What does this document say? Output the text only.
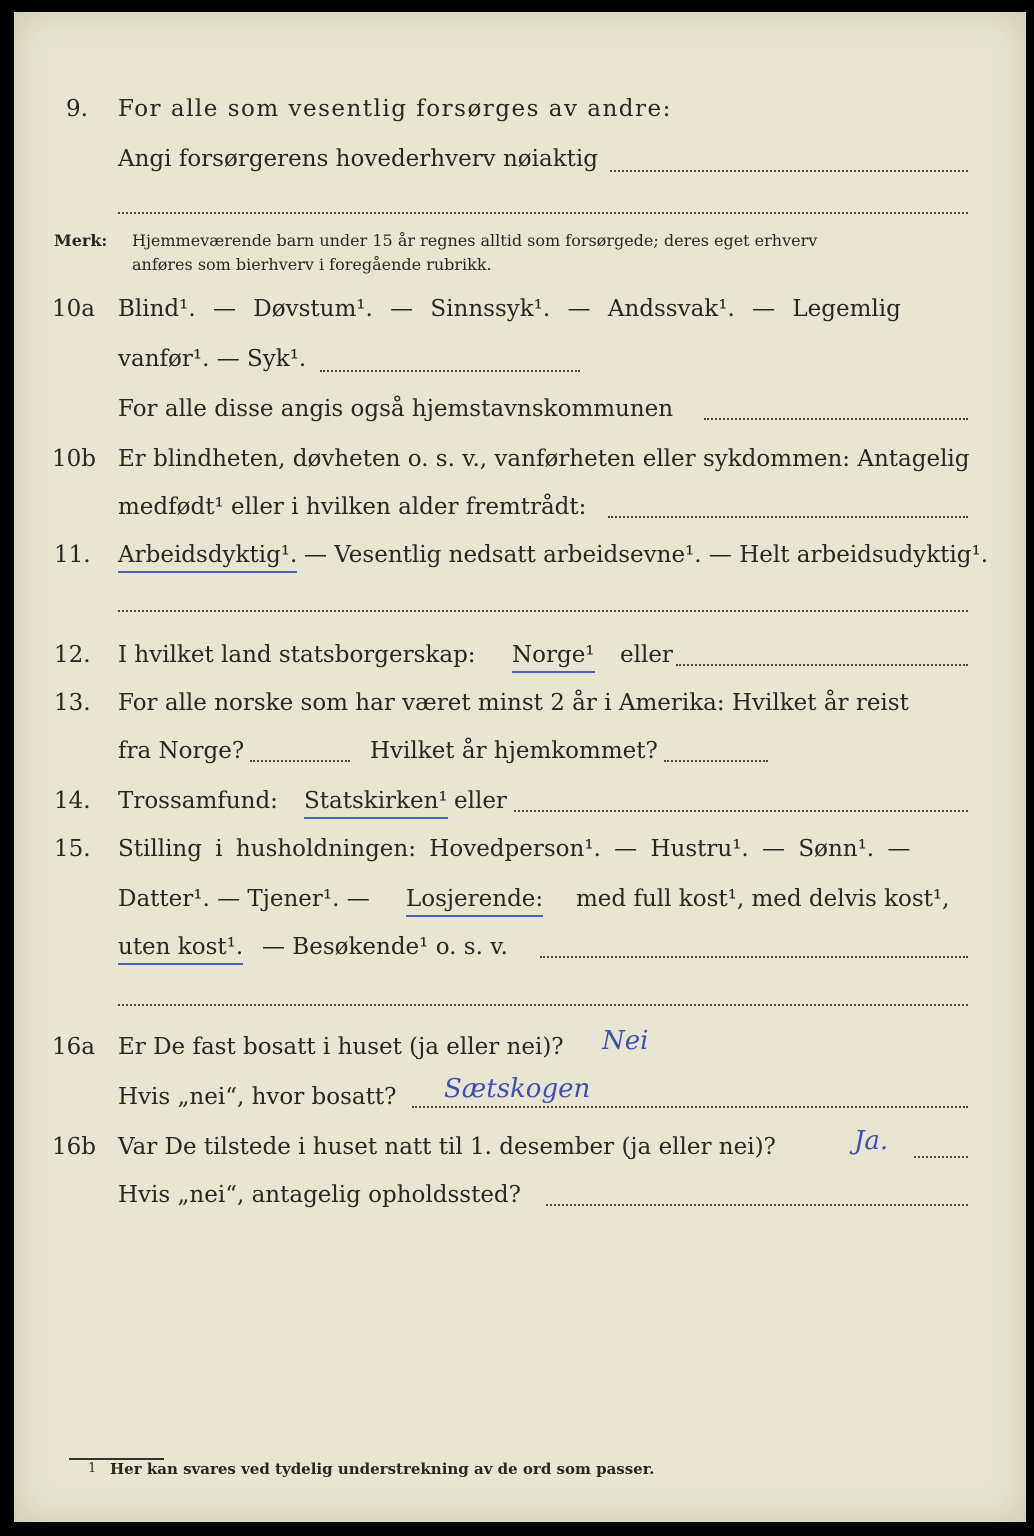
9. For alle som vesentlig forsørges av andre:
Angi forsørgerens hovederhverv nøiaktig
Merk: Hjemmeværende barn under 15 år regnes alltid som forsørgede; deres eget erhverv
anføres som bierhverv i foregående rubrikk.
10a Blind¹. — Døvstum¹. — Sinnssyk¹. — Andssvak¹. — Legemlig
vanfør¹. — Syk¹.
For alle disse angis også hjemstavnskommunen
10b Er blindheten, døvheten o. s. v., vanførheten eller sykdommen: Antagelig
medfødt¹ eller i hvilken alder fremtrådt:
11. Arbeidsdyktig¹. — Vesentlig nedsatt arbeidsevne¹. — Helt arbeidsudyktig¹.
12. I hvilket land statsborgerskap: Norge¹ eller
13. For alle norske som har været minst 2 år i Amerika: Hvilket år reist
fra Norge?	Hvilket år hjemkommet?
14. Trossamfund: Statskirken¹ eller
15. Stilling i husholdningen: Hovedperson¹. — Hustru¹. — Sønn¹. —
Datter¹. — Tjener¹. — Losjerende: med full kost¹, med delvis kost¹,
uten kost¹. — Besøkende¹ o. s. v.
16a Er De fast bosatt i huset (ja eller nei)? Nei
Hvis „nei“, hvor bosatt? Sætskogen
16b Var De tilstede i huset natt til 1. desember (ja eller nei)?	Ja.
Hvis „nei“, antagelig opholdssted?
1 Her kan svares ved tydelig understrekning av de ord som passer.
